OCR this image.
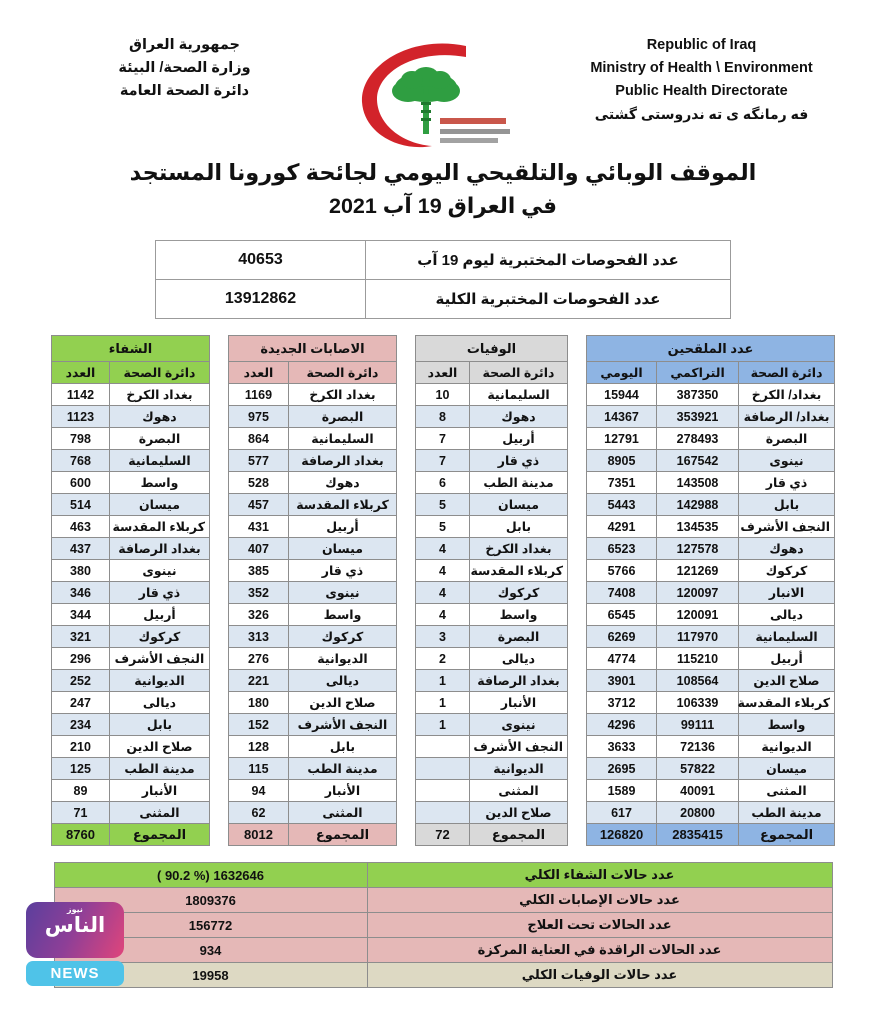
جمهورية العراق
وزارة الصحة/ البيئة
دائرة الصحة العامة
Republic of Iraq
Ministry of Health \ Environment
Public Health Directorate
فه رمانگه ی ته ندروستی گشتی
الموقف الوبائي والتلقيحي اليومي لجائحة كورونا المستجد
في العراق 19 آب 2021
عدد الفحوصات المختبرية ليوم 19 آب	40653
عدد الفحوصات المختبرية الكلية	13912862
الشفاء	
دائرة الصحة	العدد
بغداد الكرخ	1142
دهوك	1123
البصرة	798
السليمانية	768
واسط	600
ميسان	514
كربلاء المقدسة	463
بغداد الرصافة	437
نينوى	380
ذي قار	346
أربيل	344
كركوك	321
النجف الأشرف	296
الديوانية	252
ديالى	247
بابل	234
صلاح الدين	210
مدينة الطب	125
الأنبار	89
المثنى	71
المجموع	8760
الاصابات الجديدة	
دائرة الصحة	العدد
بغداد الكرخ	1169
البصرة	975
السليمانية	864
بغداد الرصافة	577
دهوك	528
كربلاء المقدسة	457
أربيل	431
ميسان	407
ذي قار	385
نينوى	352
واسط	326
كركوك	313
الديوانية	276
ديالى	221
صلاح الدين	180
النجف الأشرف	152
بابل	128
مدينة الطب	115
الأنبار	94
المثنى	62
المجموع	8012
الوفيات	
دائرة الصحة	العدد
السليمانية	10
دهوك	8
أربيل	7
ذي قار	7
مدينة الطب	6
ميسان	5
بابل	5
بغداد الكرخ	4
كربلاء المقدسة	4
كركوك	4
واسط	4
البصرة	3
ديالى	2
بغداد الرصافة	1
الأنبار	1
نينوى	1
النجف الأشرف	
الديوانية	
المثنى	
صلاح الدين	
المجموع	72
عدد الملقحين		
دائرة الصحة	التراكمي	اليومي
بغداد/ الكرخ	387350	15944
بغداد/ الرصافة	353921	14367
البصرة	278493	12791
نينوى	167542	8905
ذي قار	143508	7351
بابل	142988	5443
النجف الأشرف	134535	4291
دهوك	127578	6523
كركوك	121269	5766
الانبار	120097	7408
ديالى	120091	6545
السليمانية	117970	6269
أربيل	115210	4774
صلاح الدين	108564	3901
كربلاء المقدسة	106339	3712
واسط	99111	4296
الديوانية	72136	3633
ميسان	57822	2695
المثنى	40091	1589
مدينة الطب	20800	617
المجموع	2835415	126820
عدد حالات الشفاء الكلي	1632646 (% 90.2 )
عدد حالات الإصابات الكلي	1809376
عدد الحالات تحت العلاج	156772
عدد الحالات الراقدة في العناية المركزة	934
عدد حالات الوفيات الكلي	19958
نيوز
الناس
NEWS
